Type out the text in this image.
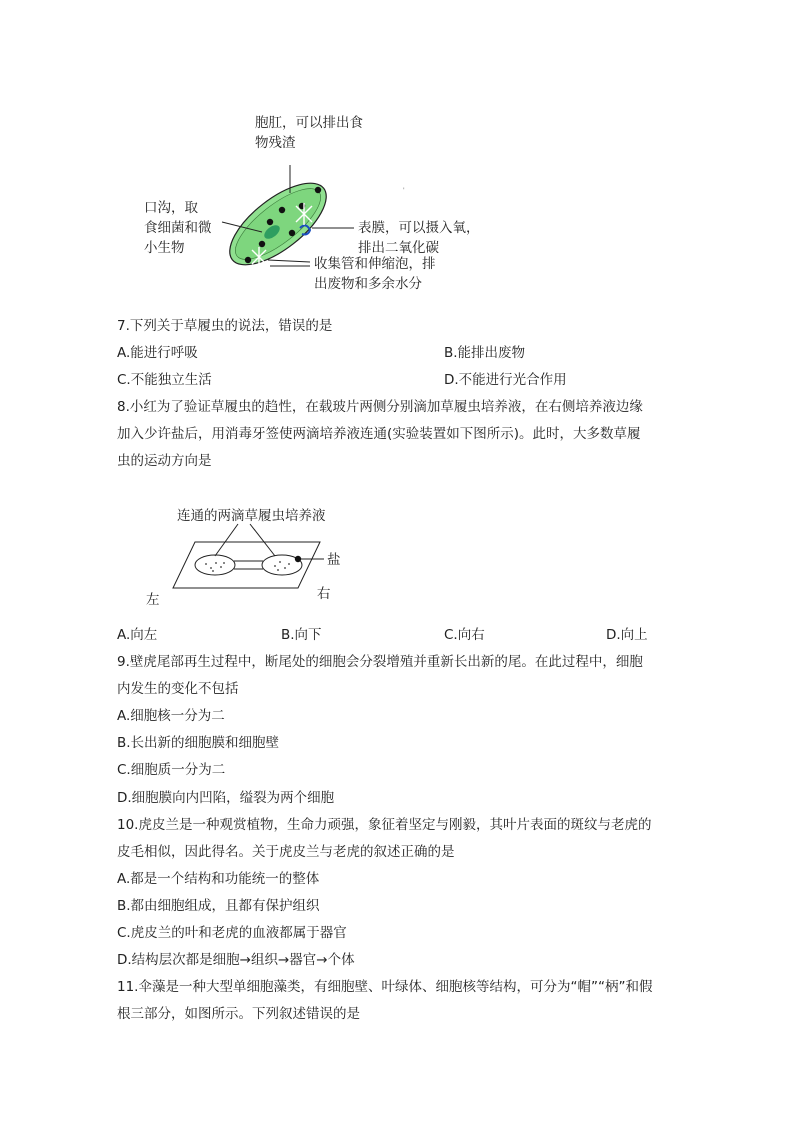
'
胞肛，可以排出食
物残渣
口沟，取
食细菌和微
小生物
表膜，可以摄入氧，
排出二氧化碳
收集管和伸缩泡，排
出废物和多余水分
7.下列关于草履虫的说法，错误的是
A.能进行呼吸	B.能排出废物
C.不能独立生活	D.不能进行光合作用
8.小红为了验证草履虫的趋性，在载玻片两侧分别滴加草履虫培养液，在右侧培养液边缘
加入少许盐后，用消毒牙签使两滴培养液连通(实验装置如下图所示)。此时，大多数草履
虫的运动方向是
连通的两滴草履虫培养液
盐
左	右
A.向左	B.向下	C.向右	D.向上
9.壁虎尾部再生过程中，断尾处的细胞会分裂增殖并重新长出新的尾。在此过程中，细胞
内发生的变化不包括
A.细胞核一分为二
B.长出新的细胞膜和细胞壁
C.细胞质一分为二
D.细胞膜向内凹陷，缢裂为两个细胞
10.虎皮兰是一种观赏植物，生命力顽强，象征着坚定与刚毅，其叶片表面的斑纹与老虎的
皮毛相似，因此得名。关于虎皮兰与老虎的叙述正确的是
A.都是一个结构和功能统一的整体
B.都由细胞组成，且都有保护组织
C.虎皮兰的叶和老虎的血液都属于器官
D.结构层次都是细胞→组织→器官→个体
11.伞藻是一种大型单细胞藻类，有细胞壁、叶绿体、细胞核等结构，可分为“帽”“柄”和假
根三部分，如图所示。下列叙述错误的是
